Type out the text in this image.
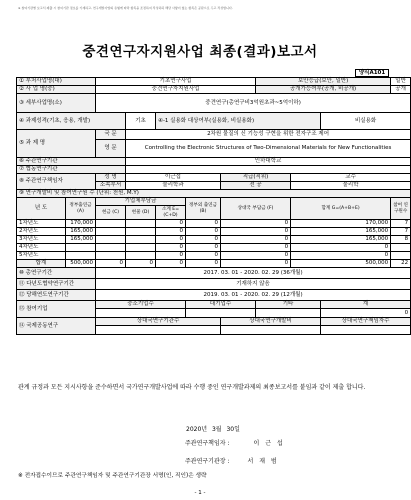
※ 참여기관별 보고서 제출 시 참여기관 정보를 기재하고, 연구개발사업의 유형에 따라 항목을 조정하여 작성하되 해당 사항이 없는 항목은 공란으로 두고 작성합니다.
중견연구자지원사업 최종(결과)보고서
양식A101
① 부처사업명(대)		기초연구사업					보안등급(보안, 일반)			일반
② 사 업 명(중)		중견연구자지원사업					공개가능여부(공개, 비공개)			공개
③ 세부사업명(소)		중견연구(총연구비3억원초과~5억이하)								
④ 과제성격(기초, 응용, 개발)			기초	④-1 실용화 대상여부(실용화, 비실용화)					비실용화	
⑤ 과 제 명		국 문	2차원 물질의 신 기능성 구현을 위한 전자구조 제어							
		영 문	Controlling the Electronic Structures of Two-Dimensional Materials for New Functionalities							
⑥ 주관연구기관			인하대학교							
⑦ 협동연구기관										
⑧ 주관연구책임자		성 명	이근섭			직급(직위)		교수		
		소속부서	물리학과			전 공		물리학		
⑨ 연구개발비 및 참여연구원 수 (단위: 천원, M.Y)										
년 도	정부출연금 (A)	기업체부담금			정부외 출연금 (B)	상대국 부담금 (F)		합계 G=(A+B+E)		참여 연구원수
		현금 (C)	현물 (D)	소계 E=(C+D)						
1차년도	170,000			0	0	0		170,000		7
2차년도	165,000			0	0	0		165,000		7
3차년도	165,000			0	0	0		165,000		8
4차년도				0	0	0		0		
5차년도				0	0	0		0		
합계	500,000	0	0	0	0	0		500,000		22
⑩ 총연구기간		2017. 03. 01 - 2020. 02. 29 (36개월)								
⑪ 다년도협약연구기간		기재하지 않음								
⑫ 당해연도연구기간		2019. 03. 01 - 2020. 02. 29 (12개월)								
⑬ 참여기업		중소기업수			대기업수		기타		계	
									0	
⑭ 국제공동연구		상대국연구기관수				상대국연구개발비			상대국연구책임자수	

관계 규정과 모든 지시사항을 준수하면서 국가연구개발사업에 따라 수행 중인 연구개발과제의 최종보고서를 붙임과 같이 제출 합니다.
2020년 3월 30일
주관연구책임자 :	이 근 섭
주관연구기관장 :	서 재 범
※ 전자접수이므로 주관연구책임자 및 주관연구기관장 서명(인, 직인)은 생략
- 1 -
